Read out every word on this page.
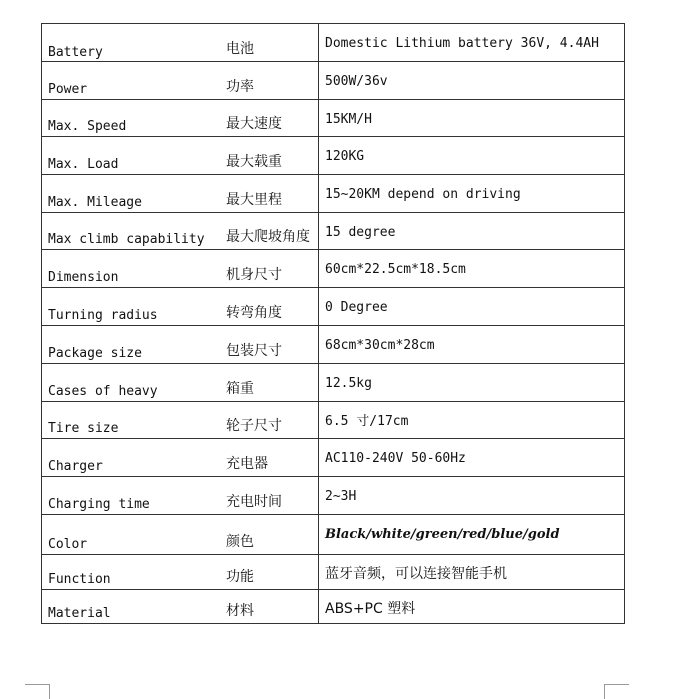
Battery	电池	Domestic Lithium battery 36V, 4.4AH
Power	功率	500W/36v
Max. Speed	最大速度	15KM/H
Max. Load	最大载重	120KG
Max. Mileage	最大里程	15~20KM depend on driving
Max climb capability	最大爬坡角度	15 degree
Dimension	机身尺寸	60cm*22.5cm*18.5cm
Turning radius	转弯角度	0 Degree
Package size	包装尺寸	68cm*30cm*28cm
Cases of heavy	箱重	12.5kg
Tire size	轮子尺寸	6.5 寸/17cm
Charger	充电器	AC110-240V 50-60Hz
Charging time	充电时间	2~3H
Color	颜色	Black/white/green/red/blue/gold
Function	功能	蓝牙音频，可以连接智能手机
Material	材料	ABS+PC 塑料
